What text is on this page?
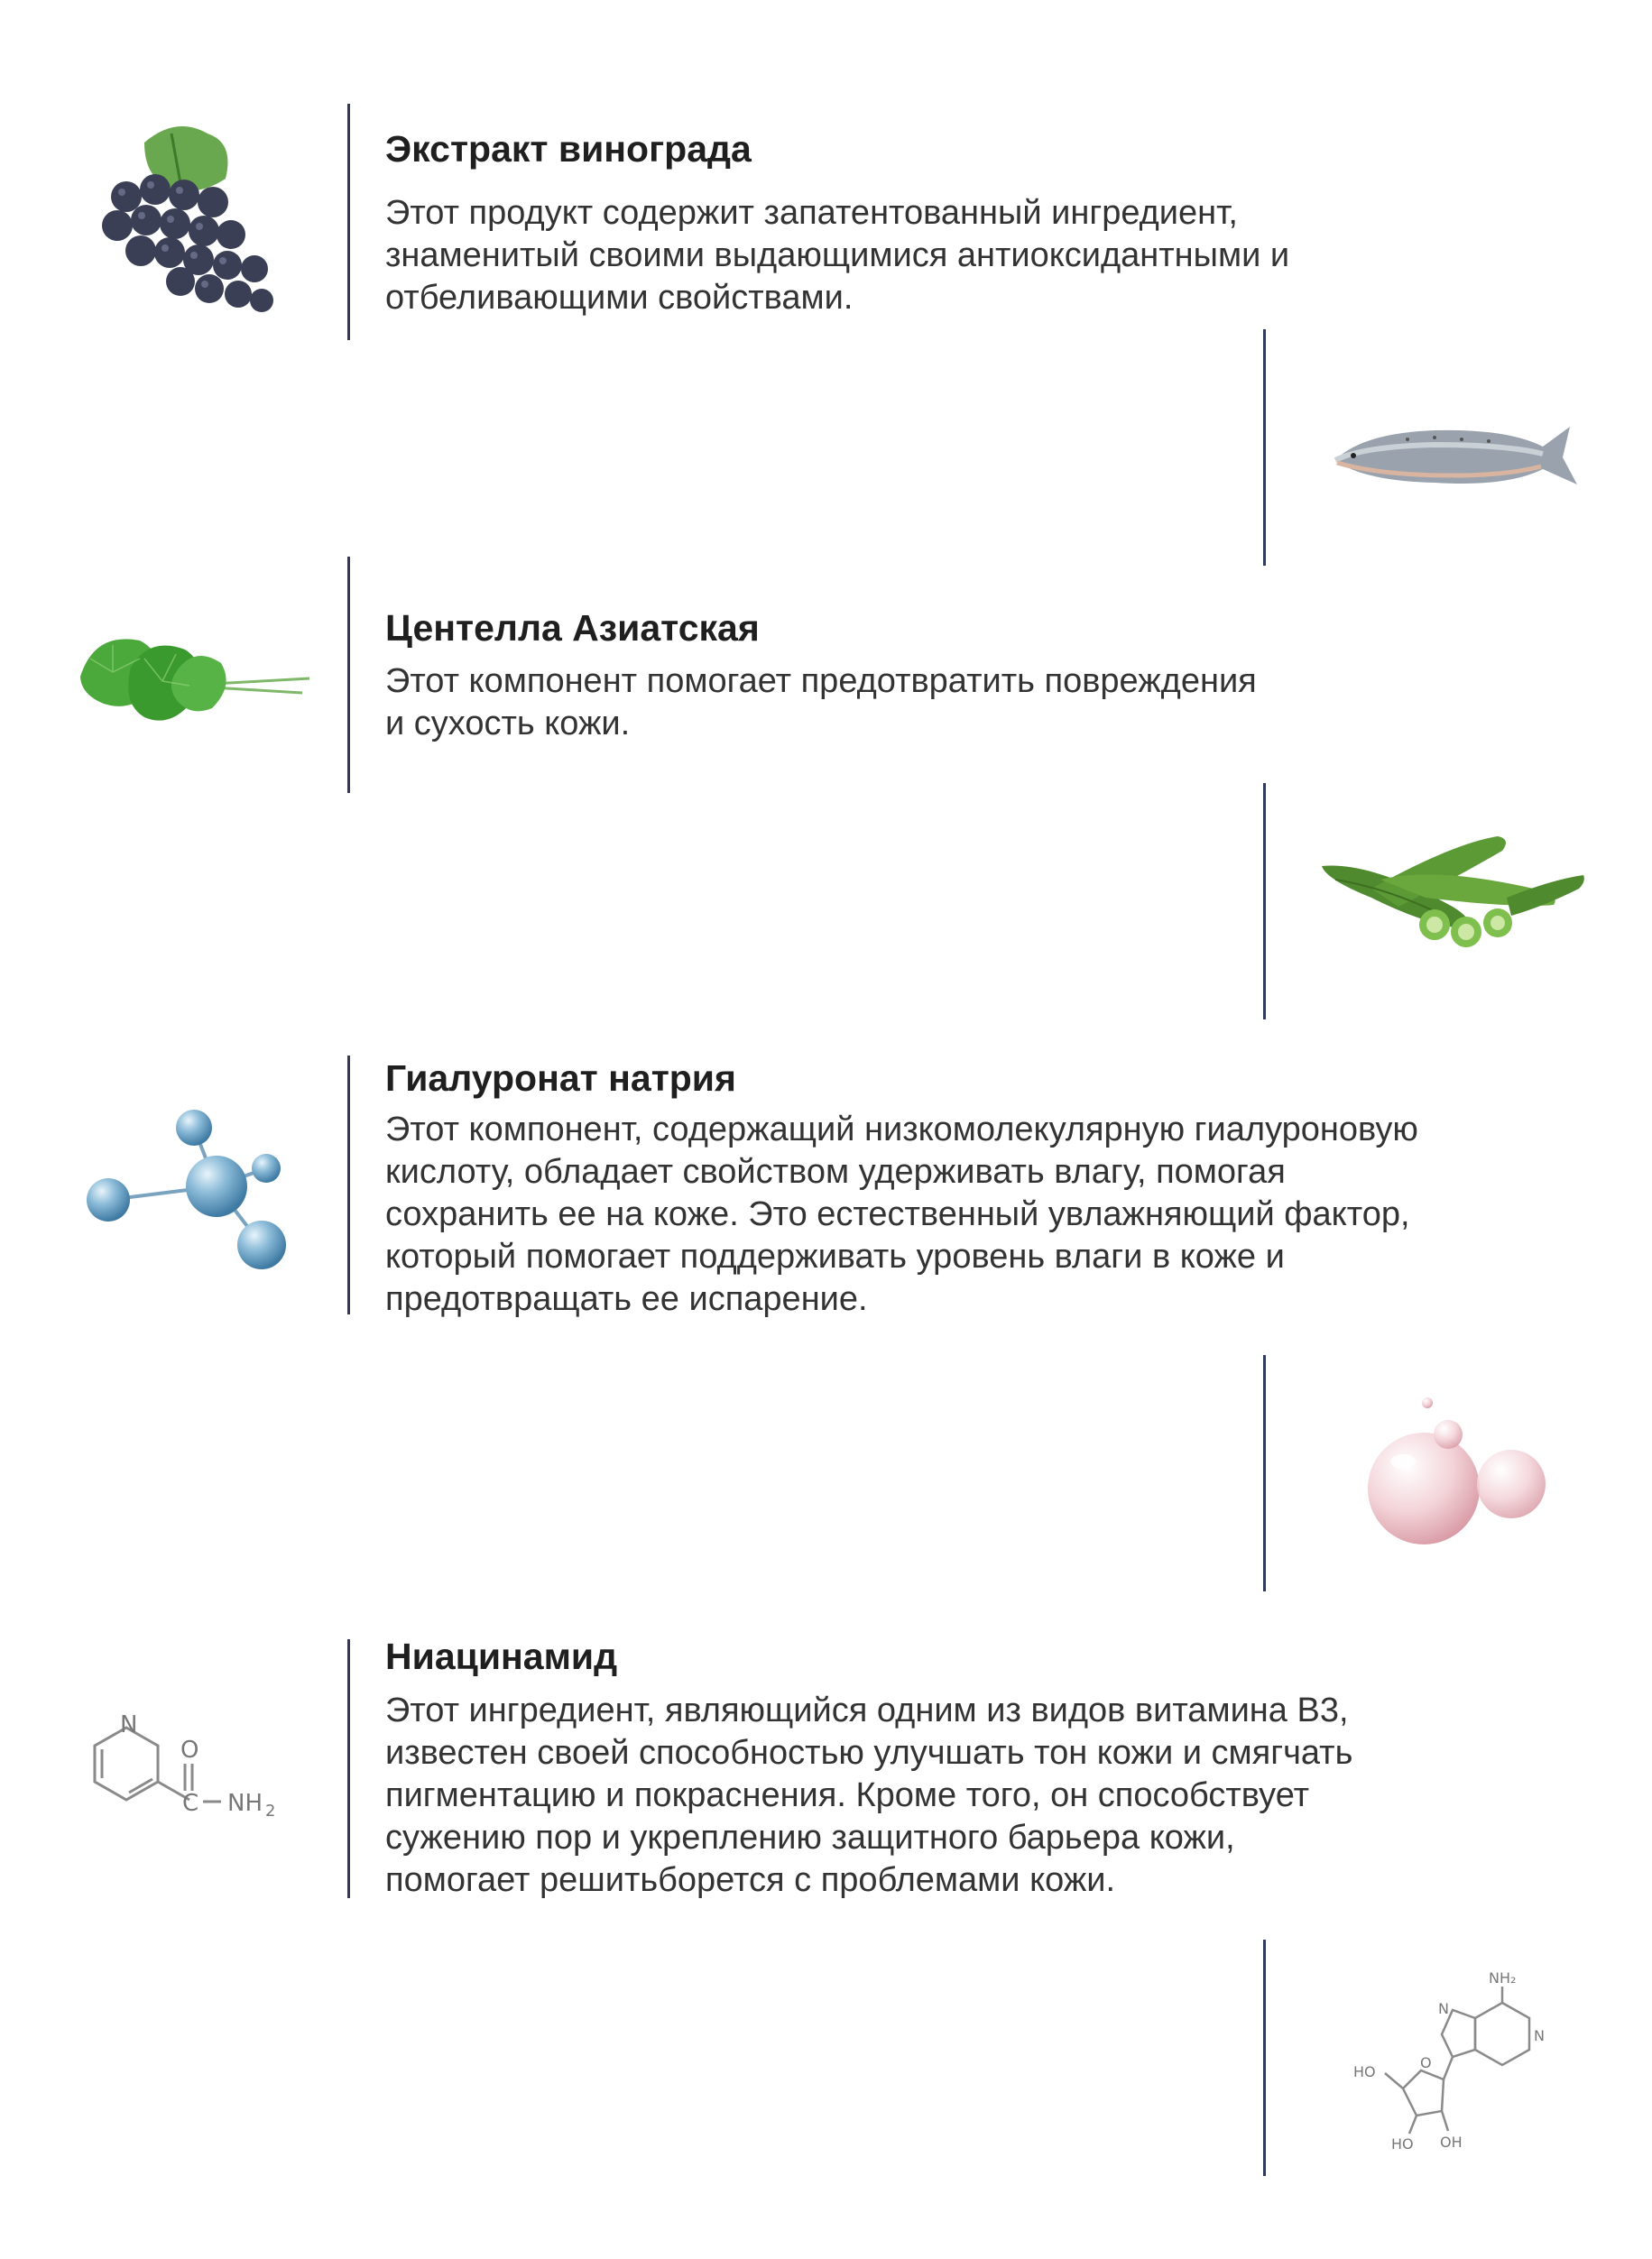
Экстракт винограда
Этот продукт содержит запатентованный ингредиент,
знаменитый своими выдающимися антиоксидантными и
отбеливающими свойствами.
Центелла Азиатская
Этот компонент помогает предотвратить повреждения
и сухость кожи.
Гиалуронат натрия
Этот компонент, содержащий низкомолекулярную гиалуроновую
кислоту, обладает свойством удерживать влагу, помогая
сохранить ее на коже. Это естественный увлажняющий фактор,
который помогает поддерживать уровень влаги в коже и
предотвращать ее испарение.
N
O
C NH 2
Ниацинамид
Этот ингредиент, являющийся одним из видов витамина B3,
известен своей способностью улучшать тон кожи и смягчать
пигментацию и покраснения. Кроме того, он способствует
сужению пор и укреплению защитного барьера кожи,
помогает решитьборется с проблемами кожи.
NH₂
N
N
HO
O
HO OH
